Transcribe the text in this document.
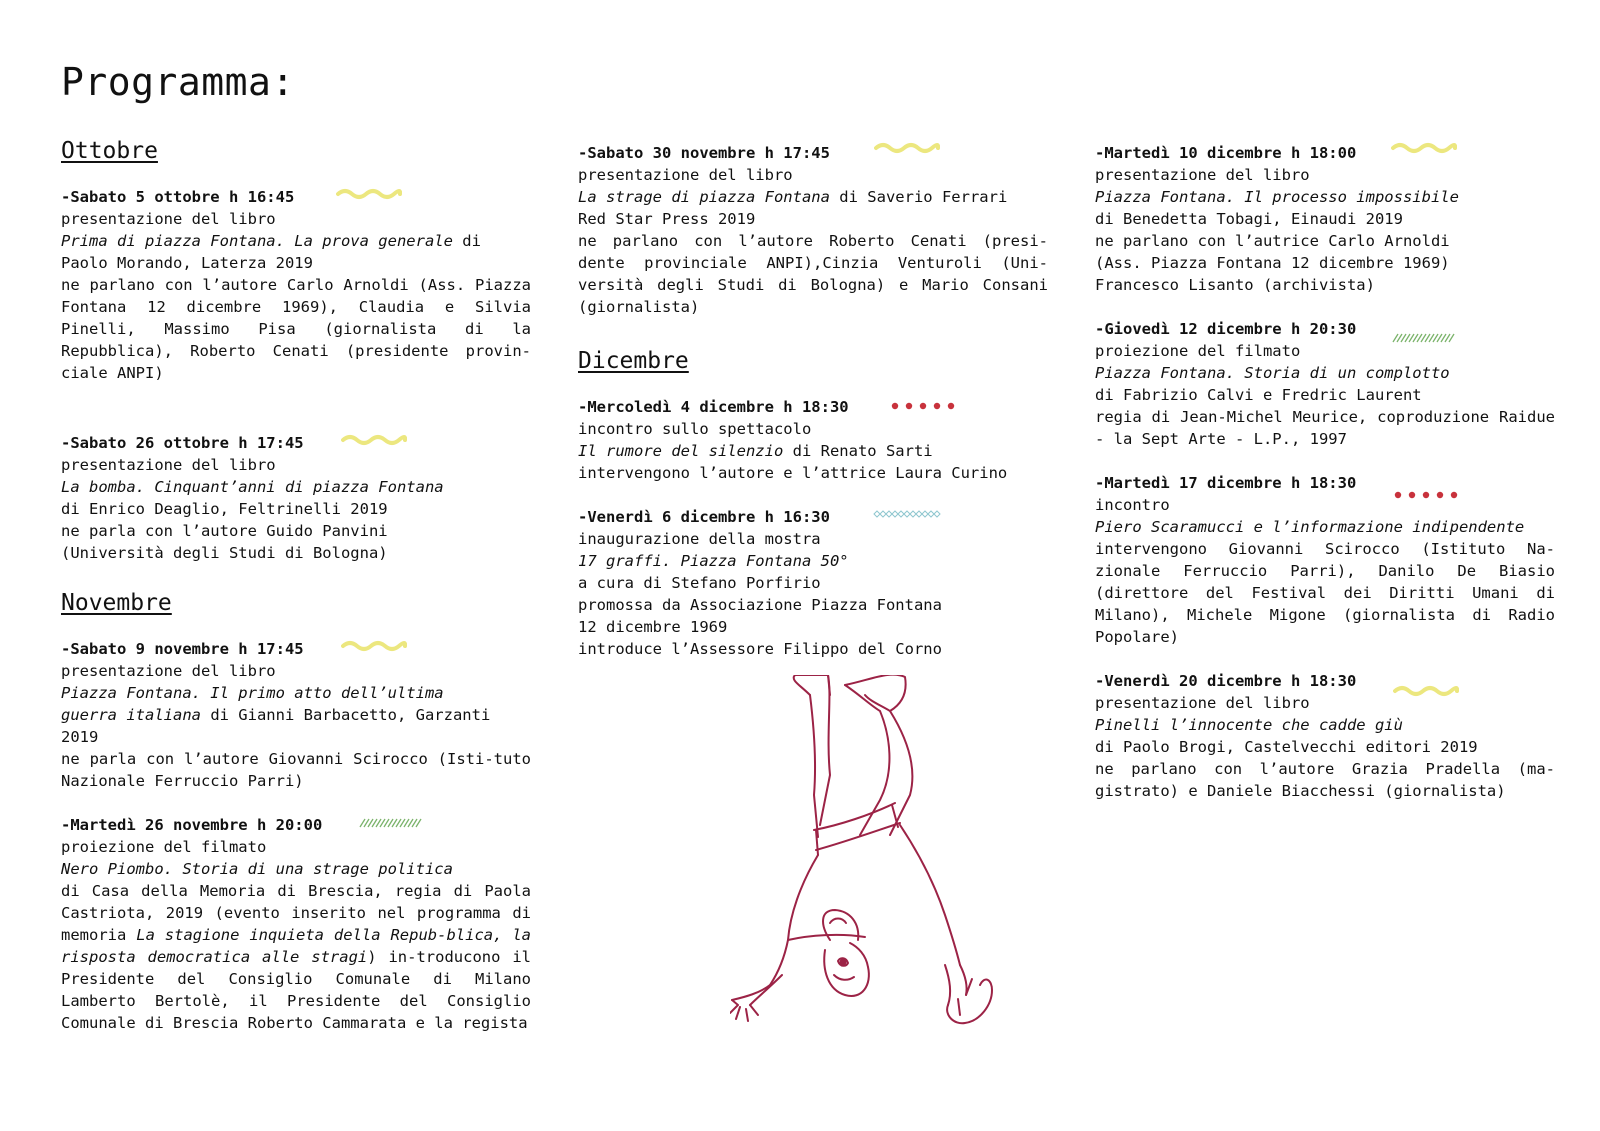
Programma:
Ottobre
-Sabato 5 ottobre h 16:45
presentazione del libro
Prima di piazza Fontana. La prova generale di
Paolo Morando, Laterza 2019
ne parlano con l’autore Carlo Arnoldi (Ass. Piazza Fontana 12 dicembre 1969), Claudia e Silvia Pinelli, Massimo Pisa (giornalista di la Repubblica), Roberto Cenati (presidente provin-ciale ANPI)
-Sabato 26 ottobre h 17:45
presentazione del libro
La bomba. Cinquant’anni di piazza Fontana
di Enrico Deaglio, Feltrinelli 2019
ne parla con l’autore Guido Panvini
(Università degli Studi di Bologna)
Novembre
-Sabato 9 novembre h 17:45
presentazione del libro
Piazza Fontana. Il primo atto dell’ultima
guerra italiana di Gianni Barbacetto, Garzanti 2019
ne parla con l’autore Giovanni Scirocco (Isti-tuto Nazionale Ferruccio Parri)
-Martedì 26 novembre h 20:00
proiezione del filmato
Nero Piombo. Storia di una strage politica
di Casa della Memoria di Brescia, regia di Paola Castriota, 2019 (evento inserito nel programma di memoria La stagione inquieta della Repub-blica, la risposta democratica alle stragi) in-troducono il Presidente del Consiglio Comunale di Milano Lamberto Bertolè, il Presidente del Consiglio Comunale di Brescia Roberto Cammarata e la regista
-Sabato 30 novembre h 17:45
presentazione del libro
La strage di piazza Fontana di Saverio Ferrari
Red Star Press 2019
ne parlano con l’autore Roberto Cenati (presi-dente provinciale ANPI),Cinzia Venturoli (Uni-versità degli Studi di Bologna) e Mario Consani (giornalista)
Dicembre
-Mercoledì 4 dicembre h 18:30
incontro sullo spettacolo
Il rumore del silenzio di Renato Sarti
intervengono l’autore e l’attrice Laura Curino
-Venerdì 6 dicembre h 16:30
inaugurazione della mostra
17 graffi. Piazza Fontana 50°
a cura di Stefano Porfirio
promossa da Associazione Piazza Fontana
12 dicembre 1969
introduce l’Assessore Filippo del Corno
-Martedì 10 dicembre h 18:00
presentazione del libro
Piazza Fontana. Il processo impossibile
di Benedetta Tobagi, Einaudi 2019
ne parlano con l’autrice Carlo Arnoldi
(Ass. Piazza Fontana 12 dicembre 1969)
Francesco Lisanto (archivista)
-Giovedì 12 dicembre h 20:30
proiezione del filmato
Piazza Fontana. Storia di un complotto
di Fabrizio Calvi e Fredric Laurent
regia di Jean-Michel Meurice, coproduzione Raidue - la Sept Arte - L.P., 1997
-Martedì 17 dicembre h 18:30
incontro
Piero Scaramucci e l’informazione indipendente
intervengono Giovanni Scirocco (Istituto Na-zionale Ferruccio Parri), Danilo De Biasio (direttore del Festival dei Diritti Umani di Milano), Michele Migone (giornalista di Radio Popolare)
-Venerdì 20 dicembre h 18:30
presentazione del libro
Pinelli l’innocente che cadde giù
di Paolo Brogi, Castelvecchi editori 2019
ne parlano con l’autore Grazia Pradella (ma-gistrato) e Daniele Biacchessi (giornalista)
